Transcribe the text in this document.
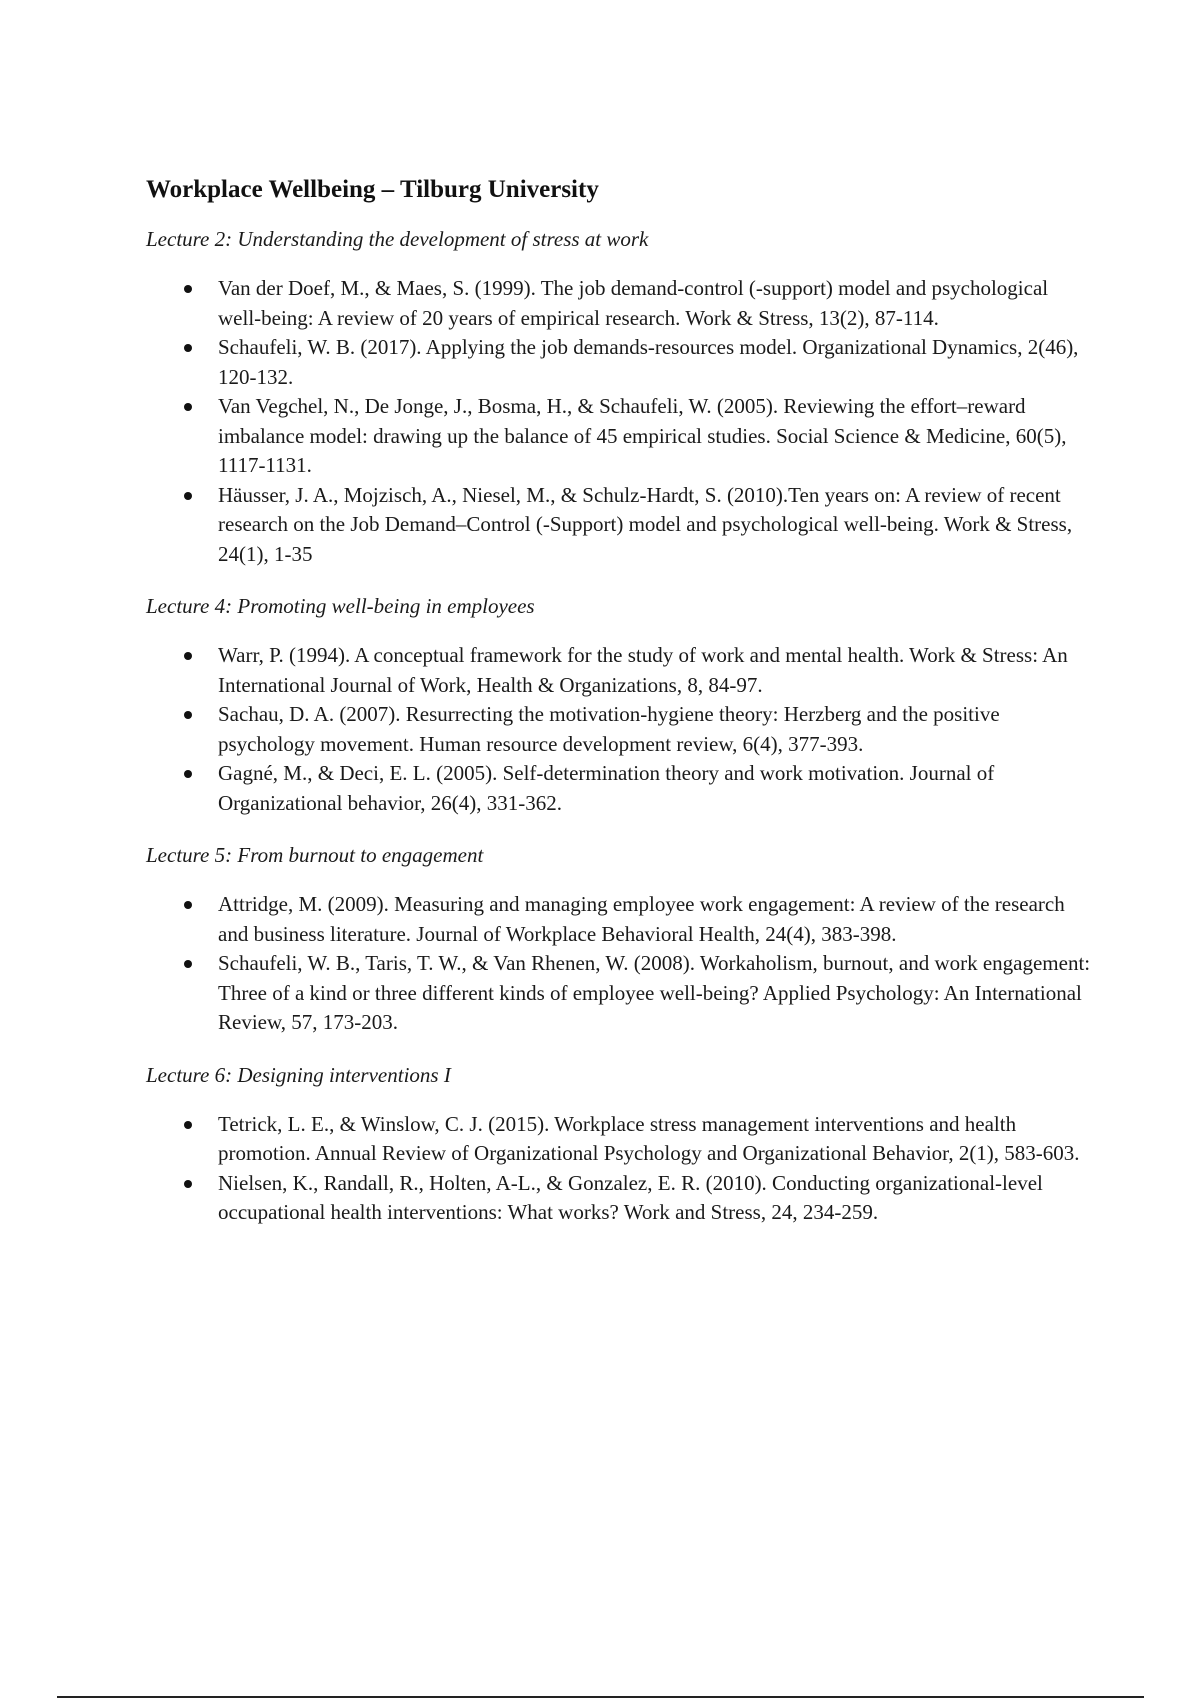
Workplace Wellbeing – Tilburg University

Lecture 2: Understanding the development of stress at work

Van der Doef, M., & Maes, S. (1999). The job demand-control (-support) model and psychological well-being: A review of 20 years of empirical research. Work & Stress, 13(2), 87-114.
Schaufeli, W. B. (2017). Applying the job demands-resources model. Organizational Dynamics, 2(46), 120-132.
Van Vegchel, N., De Jonge, J., Bosma, H., & Schaufeli, W. (2005). Reviewing the effort–reward imbalance model: drawing up the balance of 45 empirical studies. Social Science & Medicine, 60(5), 1117-1131.
Häusser, J. A., Mojzisch, A., Niesel, M., & Schulz-Hardt, S. (2010).Ten years on: A review of recent research on the Job Demand–Control (-Support) model and psychological well-being. Work & Stress, 24(1), 1-35

Lecture 4: Promoting well-being in employees

Warr, P. (1994). A conceptual framework for the study of work and mental health. Work & Stress: An International Journal of Work, Health & Organizations, 8, 84-97.
Sachau, D. A. (2007). Resurrecting the motivation-hygiene theory: Herzberg and the positive psychology movement. Human resource development review, 6(4), 377-393.
Gagné, M., & Deci, E. L. (2005). Self‐determination theory and work motivation. Journal of Organizational behavior, 26(4), 331-362.

Lecture 5: From burnout to engagement

Attridge, M. (2009). Measuring and managing employee work engagement: A review of the research and business literature. Journal of Workplace Behavioral Health, 24(4), 383-398.
Schaufeli, W. B., Taris, T. W., & Van Rhenen, W. (2008). Workaholism, burnout, and work engagement: Three of a kind or three different kinds of employee well-being? Applied Psychology: An International Review, 57, 173-203.

Lecture 6: Designing interventions I

Tetrick, L. E., & Winslow, C. J. (2015). Workplace stress management interventions and health promotion. Annual Review of Organizational Psychology and Organizational Behavior, 2(1), 583-603.
Nielsen, K., Randall, R., Holten, A-L., & Gonzalez, E. R. (2010). Conducting organizational-level occupational health interventions: What works? Work and Stress, 24, 234-259.
